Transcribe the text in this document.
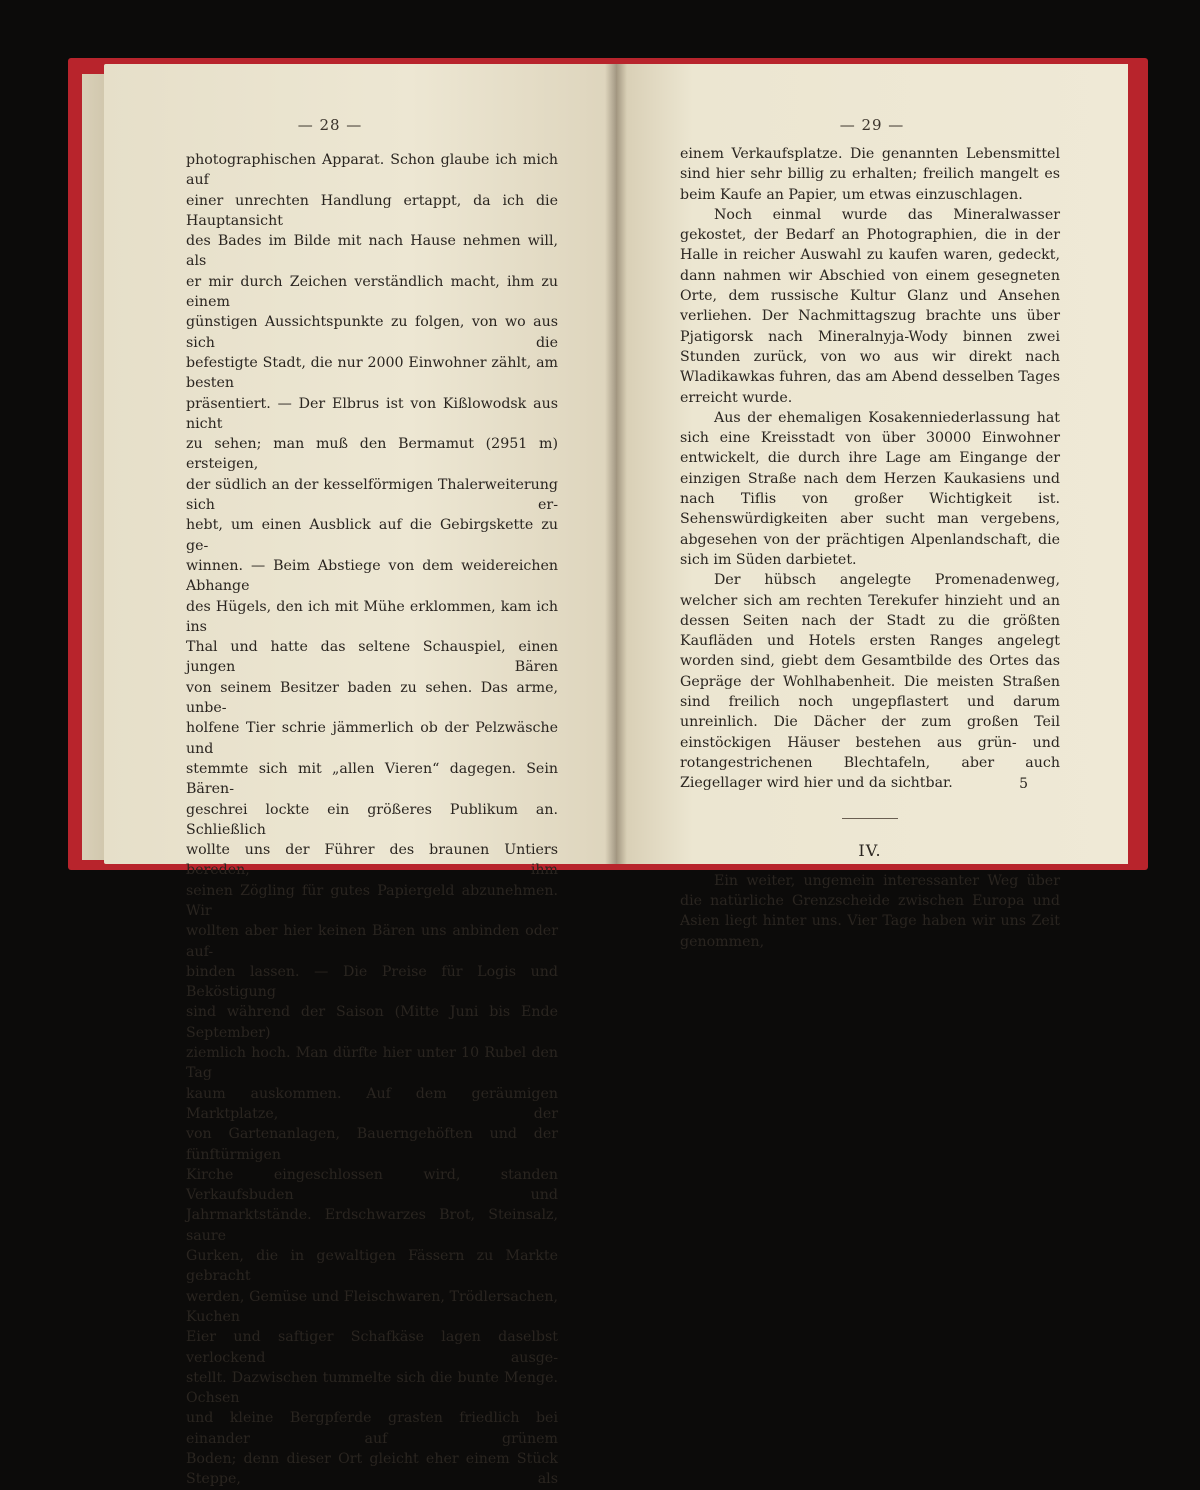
— 28 —
photographischen Apparat. Schon glaube ich mich auf
einer unrechten Handlung ertappt, da ich die Hauptansicht
des Bades im Bilde mit nach Hause nehmen will, als
er mir durch Zeichen verständlich macht, ihm zu einem
günstigen Aussichtspunkte zu folgen, von wo aus sich die
befestigte Stadt, die nur 2000 Einwohner zählt, am besten
präsentiert. — Der Elbrus ist von Kißlowodsk aus nicht
zu sehen; man muß den Bermamut (2951 m) ersteigen,
der südlich an der kesselförmigen Thalerweiterung sich er-
hebt, um einen Ausblick auf die Gebirgskette zu ge-
winnen. — Beim Abstiege von dem weidereichen Abhange
des Hügels, den ich mit Mühe erklommen, kam ich ins
Thal und hatte das seltene Schauspiel, einen jungen Bären
von seinem Besitzer baden zu sehen. Das arme, unbe-
holfene Tier schrie jämmerlich ob der Pelzwäsche und
stemmte sich mit „allen Vieren“ dagegen. Sein Bären-
geschrei lockte ein größeres Publikum an. Schließlich
wollte uns der Führer des braunen Untiers bereden, ihm
seinen Zögling für gutes Papiergeld abzunehmen. Wir
wollten aber hier keinen Bären uns anbinden oder auf-
binden lassen. — Die Preise für Logis und Beköstigung
sind während der Saison (Mitte Juni bis Ende September)
ziemlich hoch. Man dürfte hier unter 10 Rubel den Tag
kaum auskommen. Auf dem geräumigen Marktplatze, der
von Gartenanlagen, Bauerngehöften und der fünftürmigen
Kirche eingeschlossen wird, standen Verkaufsbuden und
Jahrmarktstände. Erdschwarzes Brot, Steinsalz, saure
Gurken, die in gewaltigen Fässern zu Markte gebracht
werden, Gemüse und Fleischwaren, Trödlersachen, Kuchen
Eier und saftiger Schafkäse lagen daselbst verlockend ausge-
stellt. Dazwischen tummelte sich die bunte Menge. Ochsen
und kleine Bergpferde grasten friedlich bei einander auf grünem
Boden; denn dieser Ort gleicht eher einem Stück Steppe, als
— 29 —

einem Verkaufsplatze. Die genannten Lebensmittel sind hier sehr billig zu erhalten; freilich mangelt es beim Kaufe an Papier, um etwas einzuschlagen.

Noch einmal wurde das Mineralwasser gekostet, der Bedarf an Photographien, die in der Halle in reicher Auswahl zu kaufen waren, gedeckt, dann nahmen wir Abschied von einem gesegneten Orte, dem russische Kultur Glanz und Ansehen verliehen. Der Nachmittagszug brachte uns über Pjatigorsk nach Mineralnyja-Wody binnen zwei Stunden zurück, von wo aus wir direkt nach Wladikawkas fuhren, das am Abend desselben Tages erreicht wurde.

Aus der ehemaligen Kosakenniederlassung hat sich eine Kreisstadt von über 30000 Einwohner entwickelt, die durch ihre Lage am Eingange der einzigen Straße nach dem Herzen Kaukasiens und nach Tiflis von großer Wichtigkeit ist. Sehenswürdigkeiten aber sucht man vergebens, abgesehen von der prächtigen Alpenlandschaft, die sich im Süden darbietet.

Der hübsch angelegte Promenadenweg, welcher sich am rechten Terekufer hinzieht und an dessen Seiten nach der Stadt zu die größten Kaufläden und Hotels ersten Ranges angelegt worden sind, giebt dem Gesamtbilde des Ortes das Gepräge der Wohlhabenheit. Die meisten Straßen sind freilich noch ungepflastert und darum unreinlich. Die Dächer der zum großen Teil einstöckigen Häuser bestehen aus grün- und rotangestrichenen Blechtafeln, aber auch Ziegellager wird hier und da sichtbar.

IV.

Ein weiter, ungemein interessanter Weg über die natürliche Grenzscheide zwischen Europa und Asien liegt hinter uns. Vier Tage haben wir uns Zeit genommen,

5
